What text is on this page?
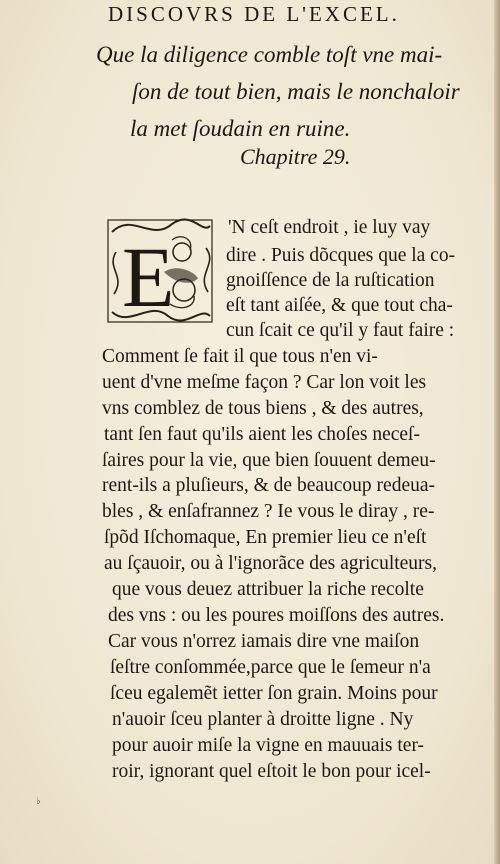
DISCOVRS DE L'EXCEL.
Que la diligence comble toſt vne mai-
ſon de tout bien, mais le nonchaloir
la met ſoudain en ruine.
Chapitre 29.
E
'N ceſt endroit , ie luy vay
dire . Puis dõcques que la co-
gnoiſſence de la ruſtication
eſt tant aiſée, & que tout cha-
cun ſcait ce qu'il y faut faire :
Comment ſe fait il que tous n'en vi-
uent d'vne meſme façon ? Car lon voit les
vns comblez de tous biens , & des autres,
tant ſen faut qu'ils aient les choſes neceſ-
ſaires pour la vie, que bien ſouuent demeu-
rent-ils a pluſieurs, & de beaucoup redeua-
bles , & enſafrannez ? Ie vous le diray , re-
ſpõd Iſchomaque, En premier lieu ce n'eſt
au ſçauoir, ou à l'ignorãce des agriculteurs,
que vous deuez attribuer la riche recolte
des vns : ou les poures moiſſons des autres.
Car vous n'orrez iamais dire vne maiſon
ſeſtre conſommée,parce que le ſemeur n'a
ſceu egalemẽt ietter ſon grain. Moins pour
n'auoir ſceu planter à droitte ligne . Ny
pour auoir miſe la vigne en mauuais ter-
roir, ignorant quel eſtoit le bon pour icel-
♭
